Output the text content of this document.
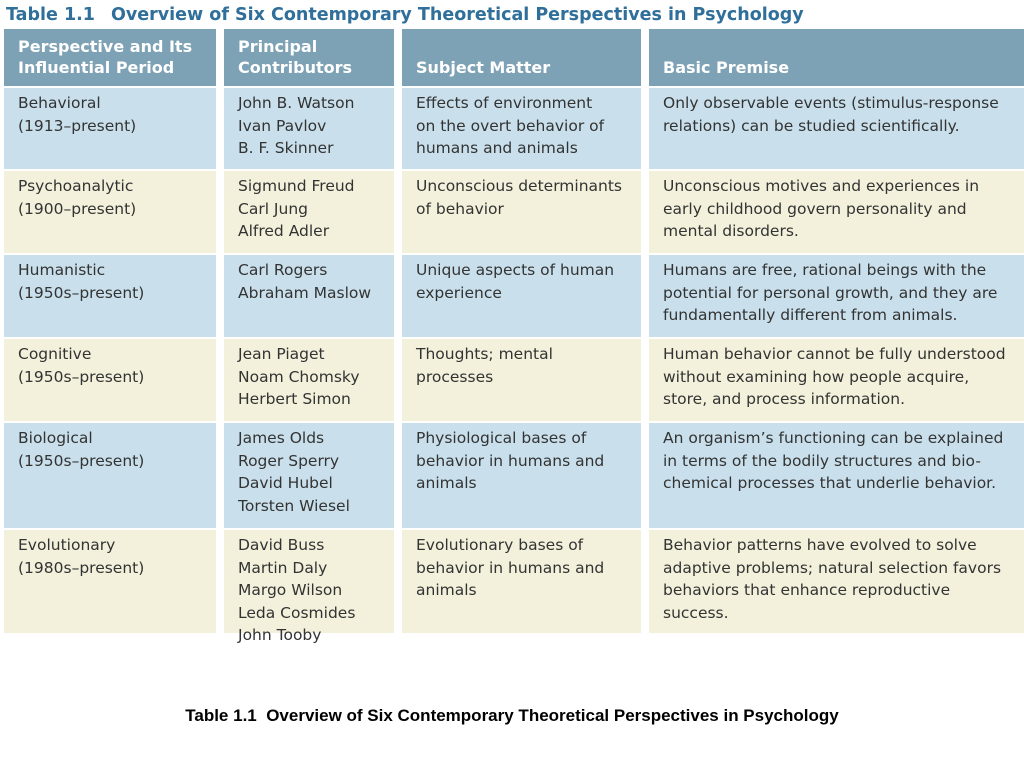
Table 1.1 Overview of Six Contemporary Theoretical Perspectives in Psychology
Perspective and Its
Influential Period
Principal
Contributors	Subject Matter	Basic Premise
Behavioral
(1913–present)
John B. Watson
Ivan Pavlov
B. F. Skinner
Effects of environment
on the overt behavior of
humans and animals
Only observable events (stimulus-response
relations) can be studied scientifically.
Psychoanalytic
(1900–present)
Sigmund Freud
Carl Jung
Alfred Adler
Unconscious determinants
of behavior
Unconscious motives and experiences in
early childhood govern personality and
mental disorders.
Humanistic
(1950s–present)
Carl Rogers
Abraham Maslow
Unique aspects of human
experience
Humans are free, rational beings with the
potential for personal growth, and they are
fundamentally different from animals.
Cognitive
(1950s–present)
Jean Piaget
Noam Chomsky
Herbert Simon
Thoughts; mental
processes
Human behavior cannot be fully understood
without examining how people acquire,
store, and process information.
Biological
(1950s–present)
James Olds
Roger Sperry
David Hubel
Torsten Wiesel
Physiological bases of
behavior in humans and
animals
An organism’s functioning can be explained
in terms of the bodily structures and bio-
chemical processes that underlie behavior.
Evolutionary
(1980s–present)
David Buss
Martin Daly
Margo Wilson
Leda Cosmides
John Tooby
Evolutionary bases of
behavior in humans and
animals
Behavior patterns have evolved to solve
adaptive problems; natural selection favors
behaviors that enhance reproductive
success.
Table 1.1  Overview of Six Contemporary Theoretical Perspectives in Psychology
